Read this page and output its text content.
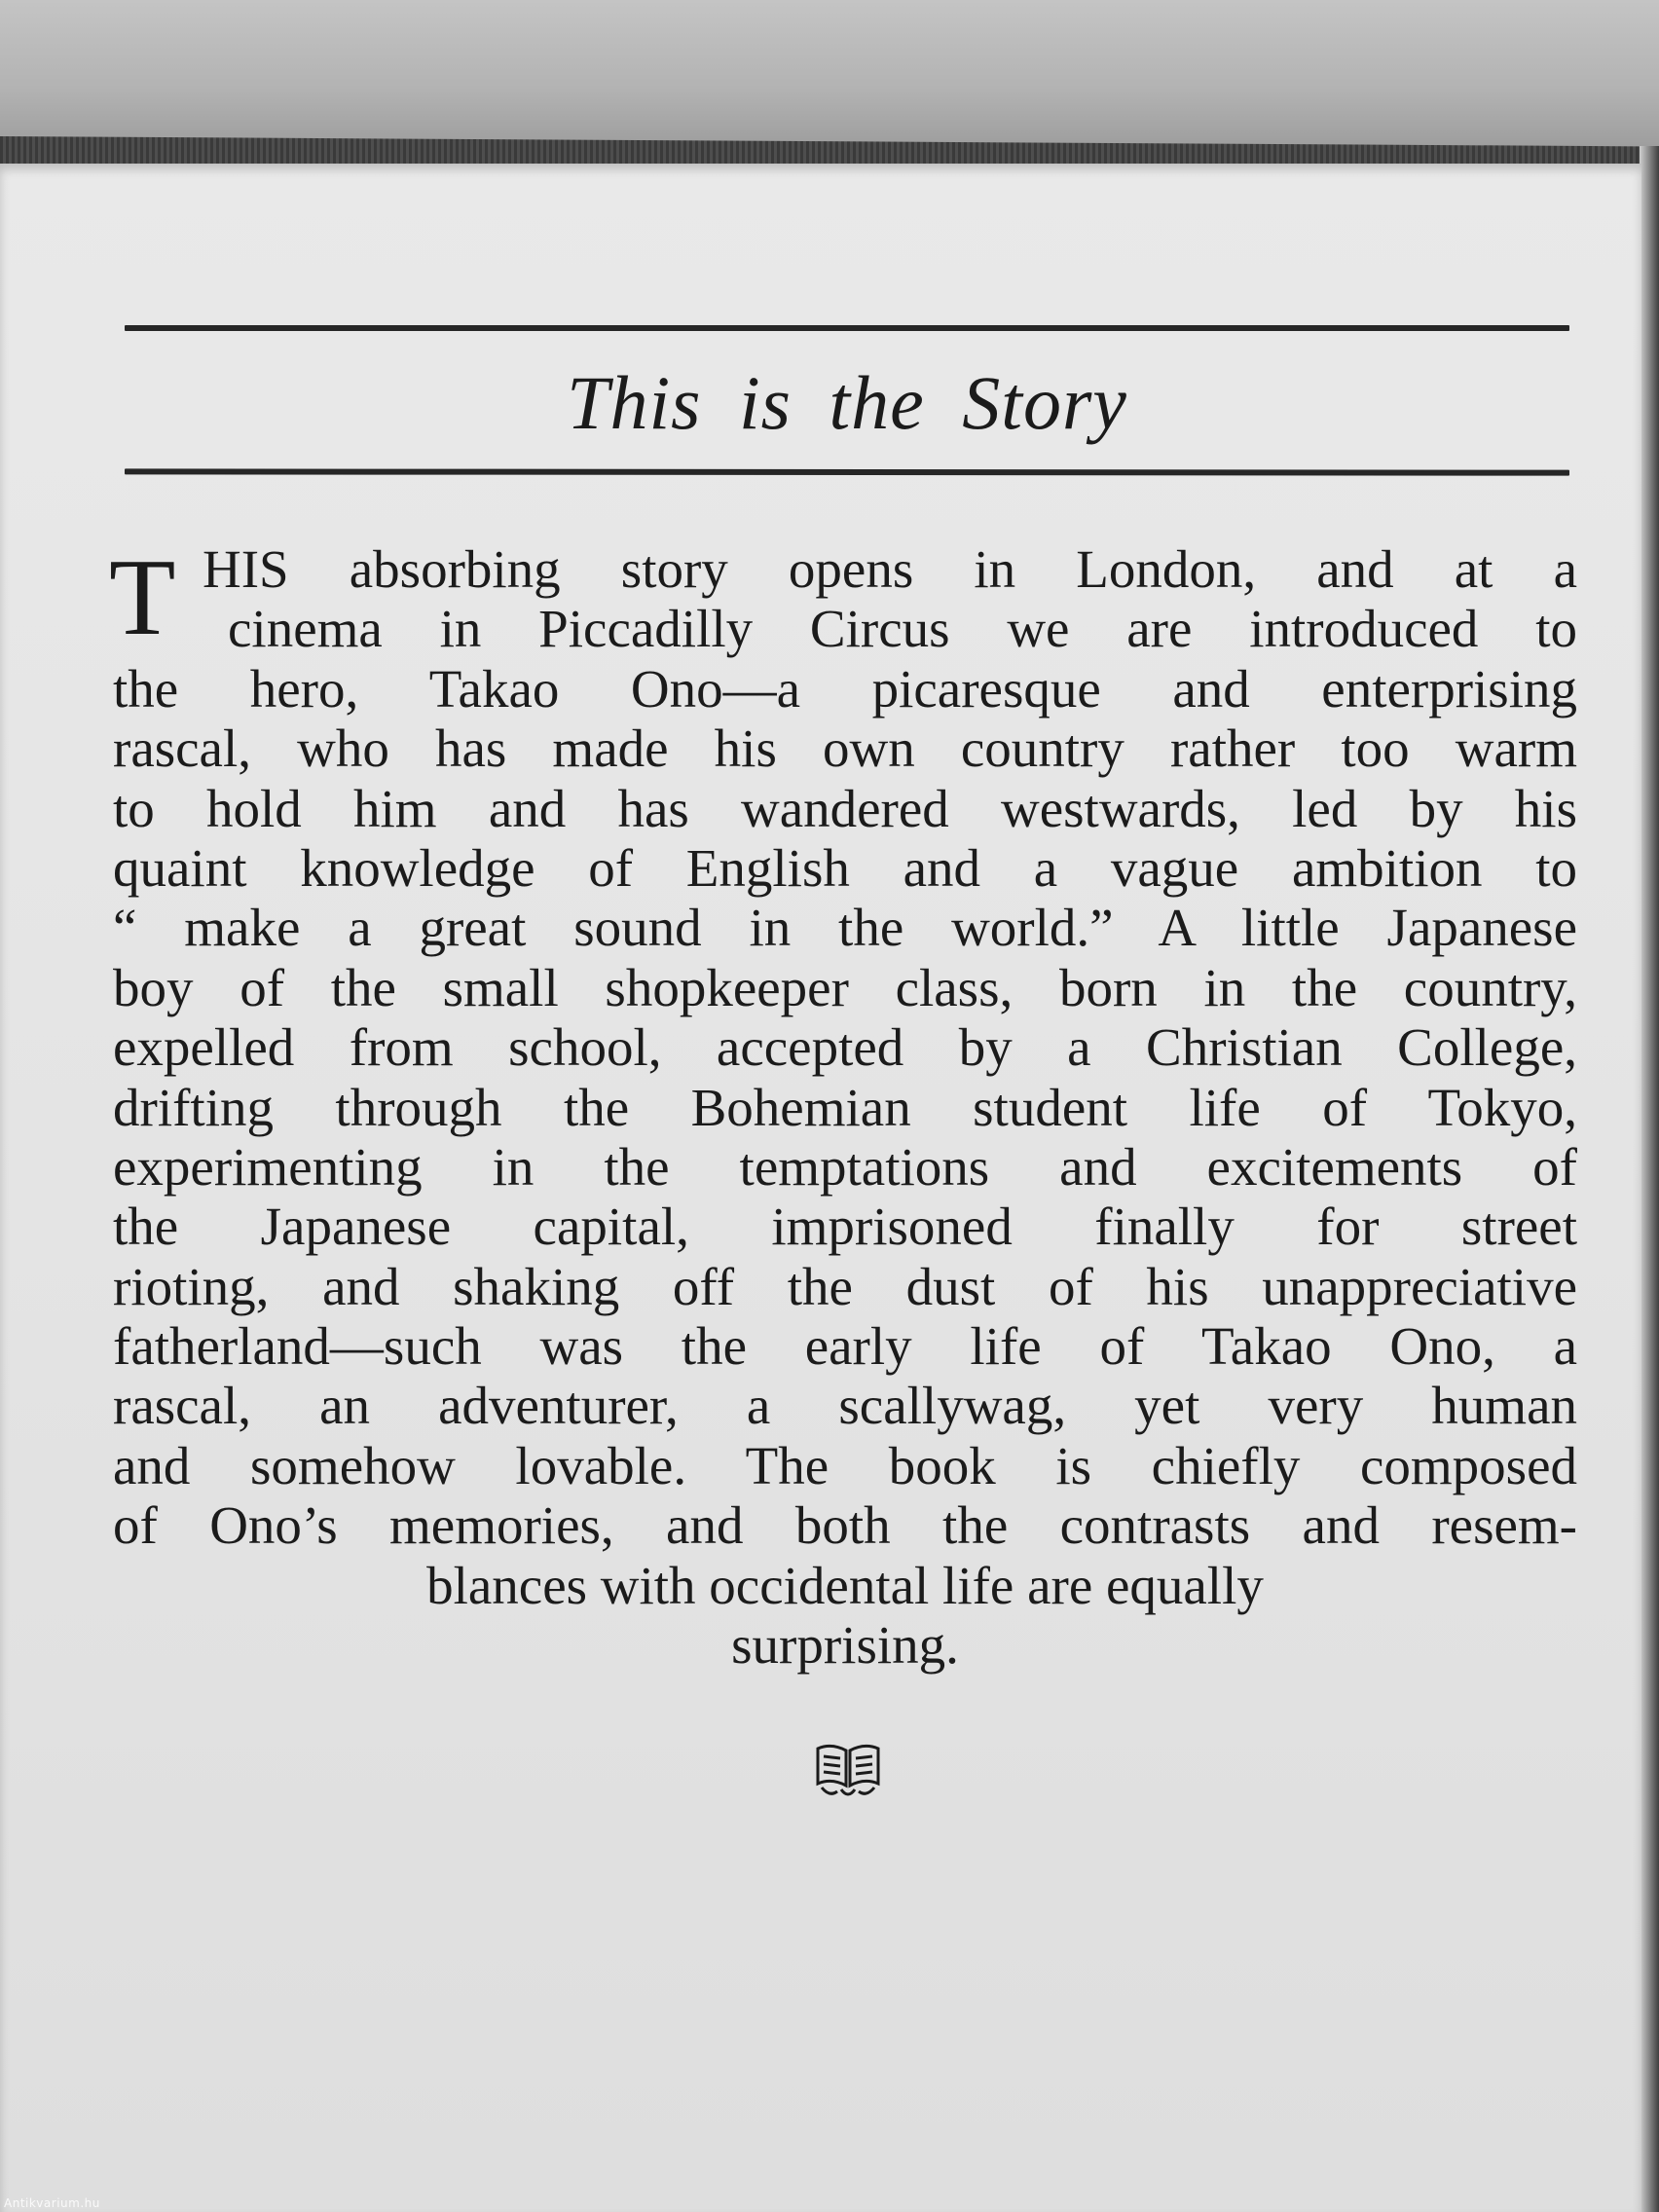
This is the Story
T HIS absorbing story opens in London, and at a
cinema in Piccadilly Circus we are introduced to
the hero, Takao Ono—a picaresque and enterprising
rascal, who has made his own country rather too warm
to hold him and has wandered westwards, led by his
quaint knowledge of English and a vague ambition to
“ make a great sound in the world.” A little Japanese
boy of the small shopkeeper class, born in the country,
expelled from school, accepted by a Christian College,
drifting through the Bohemian student life of Tokyo,
experimenting in the temptations and excitements of
the Japanese capital, imprisoned finally for street
rioting, and shaking off the dust of his unappreciative
fatherland—such was the early life of Takao Ono, a
rascal, an adventurer, a scallywag, yet very human
and somehow lovable. The book is chiefly composed
of Ono’s memories, and both the contrasts and resem-
blances with occidental life are equally
surprising.
Antikvarium.hu
